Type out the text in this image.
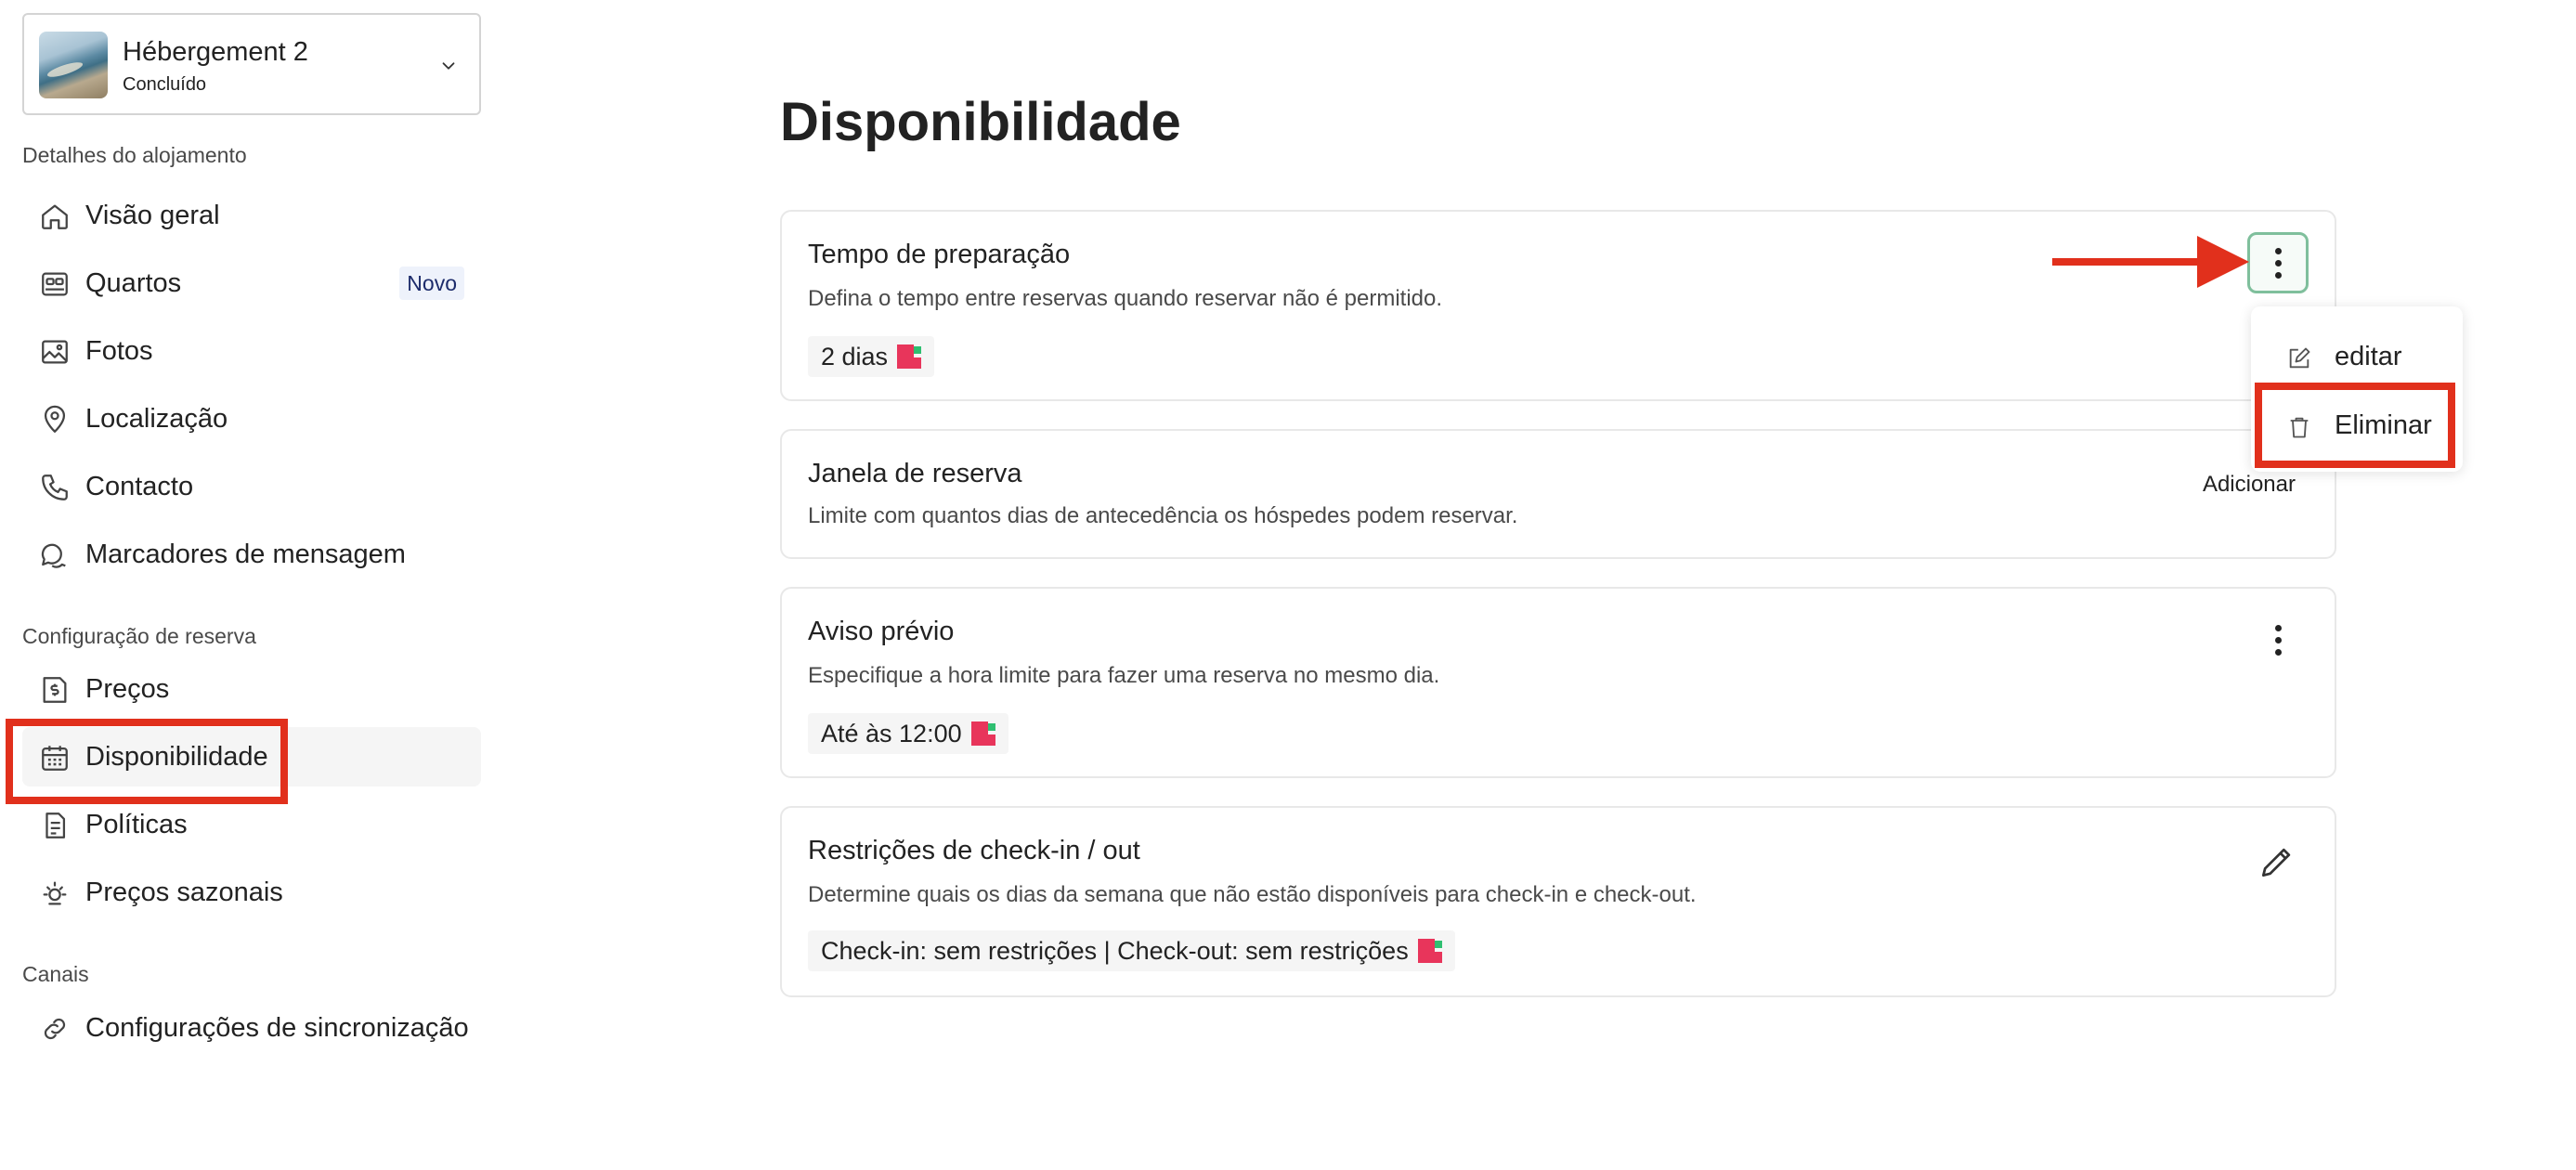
Hébergement 2
Concluído
Detalhes do alojamento
Visão geral
Quartos	Novo
Fotos
Localização
Contacto
Marcadores de mensagem
Configuração de reserva
Preços
Disponibilidade
Políticas
Preços sazonais
Canais
Configurações de sincronização
Disponibilidade
Tempo de preparação
Defina o tempo entre reservas quando reservar não é permitido.
2 dias
Janela de reserva
Limite com quantos dias de antecedência os hóspedes podem reservar.
Adicionar
Aviso prévio
Especifique a hora limite para fazer uma reserva no mesmo dia.
Até às 12:00
Restrições de check-in / out
Determine quais os dias da semana que não estão disponíveis para check-in e check-out.
Check-in: sem restrições | Check-out: sem restrições
editar
Eliminar
